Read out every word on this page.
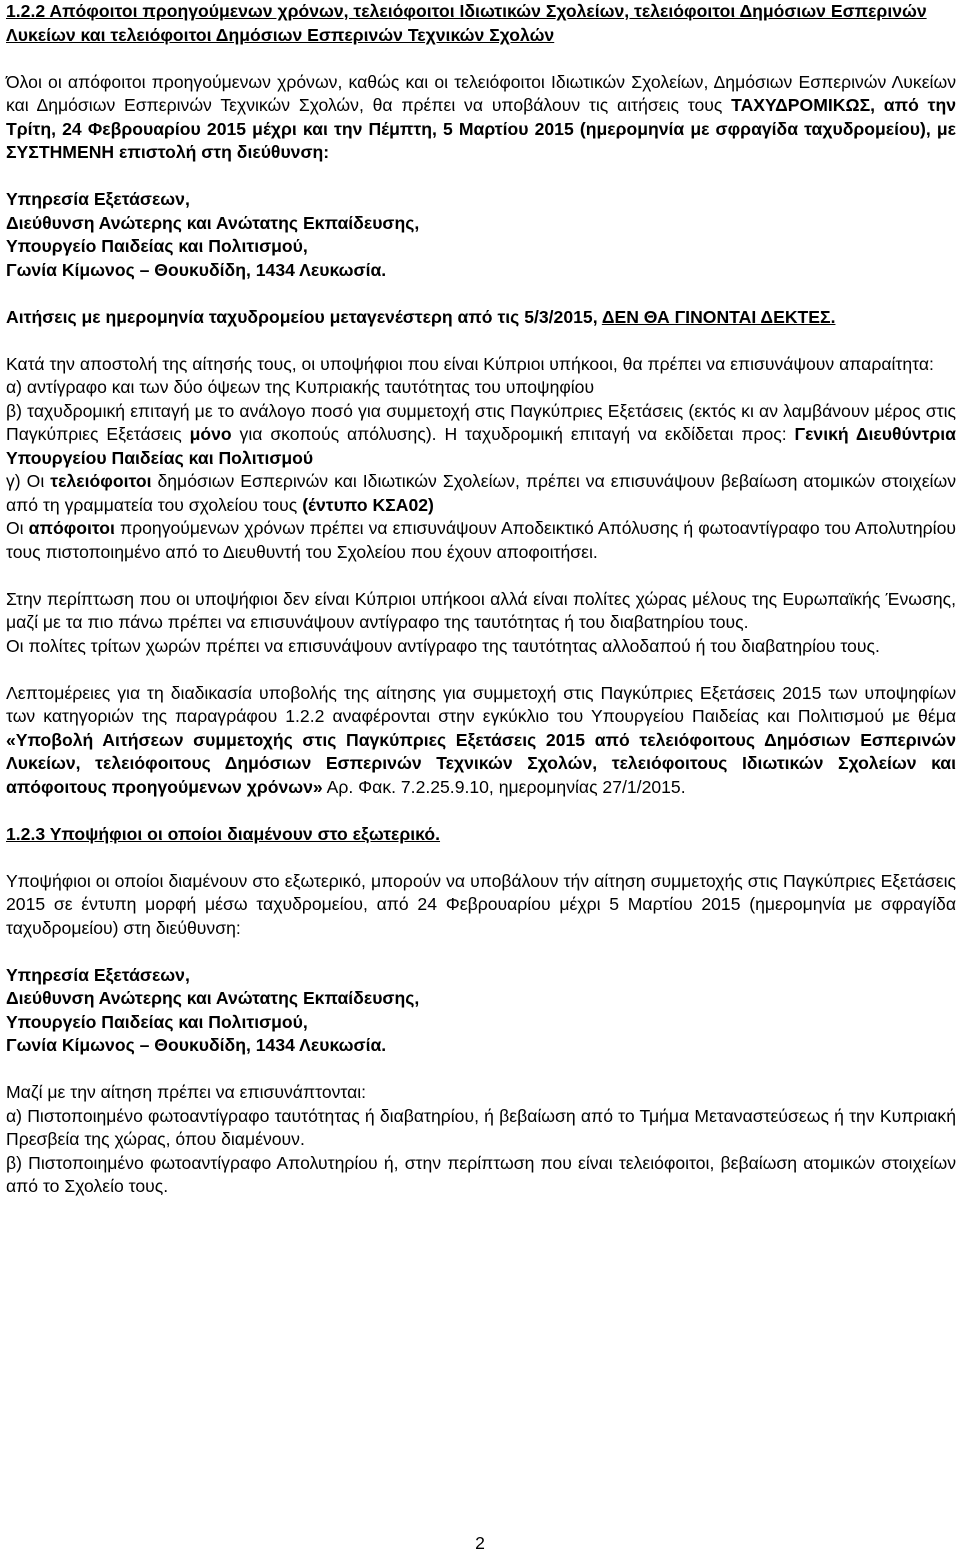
1.2.2 Απόφοιτοι προηγούμενων χρόνων, τελειόφοιτοι Ιδιωτικών Σχολείων, τελειόφοιτοι Δημόσιων Εσπερινών Λυκείων και τελειόφοιτοι Δημόσιων Εσπερινών Τεχνικών Σχολών

Όλοι οι απόφοιτοι προηγούμενων χρόνων, καθώς και οι τελειόφοιτοι Ιδιωτικών Σχολείων, Δημόσιων Εσπερινών Λυκείων και Δημόσιων Εσπερινών Τεχνικών Σχολών, θα πρέπει να υποβάλουν τις αιτήσεις τους ΤΑΧΥΔΡΟΜΙΚΩΣ, από την Τρίτη, 24 Φεβρουαρίου 2015 μέχρι και την Πέμπτη, 5 Μαρτίου 2015 (ημερομηνία με σφραγίδα ταχυδρομείου), με ΣΥΣΤΗΜΕΝΗ επιστολή στη διεύθυνση:

Υπηρεσία Εξετάσεων,

Διεύθυνση Ανώτερης και Ανώτατης Εκπαίδευσης,

Υπουργείο Παιδείας και Πολιτισμού,

Γωνία Κίμωνος – Θουκυδίδη, 1434 Λευκωσία.

Αιτήσεις με ημερομηνία ταχυδρομείου μεταγενέστερη από τις 5/3/2015, ΔΕΝ ΘΑ ΓΙΝΟΝΤΑΙ ΔΕΚΤΕΣ.

Κατά την αποστολή της αίτησής τους, οι υποψήφιοι που είναι Κύπριοι υπήκοοι, θα πρέπει να επισυνάψουν απαραίτητα:

α) αντίγραφο και των δύο όψεων της Κυπριακής ταυτότητας του υποψηφίου

β) ταχυδρομική επιταγή με το ανάλογο ποσό για συμμετοχή στις Παγκύπριες Εξετάσεις (εκτός κι αν λαμβάνουν μέρος στις Παγκύπριες Εξετάσεις μόνο για σκοπούς απόλυσης). Η ταχυδρομική επιταγή να εκδίδεται προς: Γενική Διευθύντρια Υπουργείου Παιδείας και Πολιτισμού

γ) Οι τελειόφοιτοι δημόσιων Εσπερινών και Ιδιωτικών Σχολείων, πρέπει να επισυνάψουν βεβαίωση ατομικών στοιχείων από τη γραμματεία του σχολείου τους (έντυπο ΚΣΑ02)

Οι απόφοιτοι προηγούμενων χρόνων πρέπει να επισυνάψουν Αποδεικτικό Απόλυσης ή φωτοαντίγραφο του Απολυτηρίου τους πιστοποιημένο από το Διευθυντή του Σχολείου που έχουν αποφοιτήσει.

Στην περίπτωση που οι υποψήφιοι δεν είναι Κύπριοι υπήκοοι αλλά είναι πολίτες χώρας μέλους της Ευρωπαϊκής Ένωσης, μαζί με τα πιο πάνω πρέπει να επισυνάψουν αντίγραφο της ταυτότητας ή του διαβατηρίου τους.

Οι πολίτες τρίτων χωρών πρέπει να επισυνάψουν αντίγραφο της ταυτότητας αλλοδαπού ή του διαβατηρίου τους.

Λεπτομέρειες για τη διαδικασία υποβολής της αίτησης για συμμετοχή στις Παγκύπριες Εξετάσεις 2015 των υποψηφίων των κατηγοριών της παραγράφου 1.2.2 αναφέρονται στην εγκύκλιο του Υπουργείου Παιδείας και Πολιτισμού με θέμα «Υποβολή Αιτήσεων συμμετοχής στις Παγκύπριες Εξετάσεις 2015 από τελειόφοιτους Δημόσιων Εσπερινών Λυκείων, τελειόφοιτους Δημόσιων Εσπερινών Τεχνικών Σχολών, τελειόφοιτους Ιδιωτικών Σχολείων και απόφοιτους προηγούμενων χρόνων» Αρ. Φακ. 7.2.25.9.10, ημερομηνίας 27/1/2015.

1.2.3 Υποψήφιοι οι οποίοι διαμένουν στο εξωτερικό.

Υποψήφιοι οι οποίοι διαμένουν στο εξωτερικό, μπορούν να υποβάλουν τήν αίτηση συμμετοχής στις Παγκύπριες Εξετάσεις 2015 σε έντυπη μορφή μέσω ταχυδρομείου, από 24 Φεβρουαρίου μέχρι 5 Μαρτίου 2015 (ημερομηνία με σφραγίδα ταχυδρομείου) στη διεύθυνση:

Υπηρεσία Εξετάσεων,

Διεύθυνση Ανώτερης και Ανώτατης Εκπαίδευσης,

Υπουργείο Παιδείας και Πολιτισμού,

Γωνία Κίμωνος – Θουκυδίδη, 1434 Λευκωσία.

Μαζί με την αίτηση πρέπει να επισυνάπτονται:

α) Πιστοποιημένο φωτοαντίγραφο ταυτότητας ή διαβατηρίου, ή βεβαίωση από το Τμήμα Μεταναστεύσεως ή την Κυπριακή Πρεσβεία της χώρας, όπου διαμένουν.

β) Πιστοποιημένο φωτοαντίγραφο Απολυτηρίου ή, στην περίπτωση που είναι τελειόφοιτοι, βεβαίωση ατομικών στοιχείων από το Σχολείο τους.

2
